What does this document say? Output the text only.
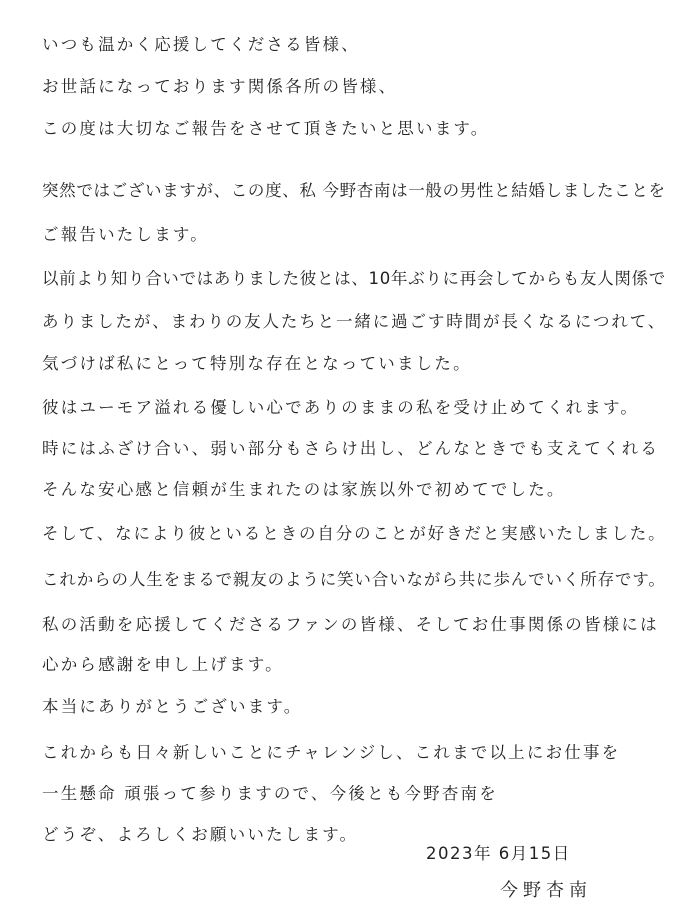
いつも温かく応援してくださる皆様、
お世話になっております関係各所の皆様、
この度は大切なご報告をさせて頂きたいと思います。
突然ではございますが、この度、私 今野杏南は一般の男性と結婚しましたことを
ご報告いたします。
以前より知り合いではありました彼とは、10年ぶりに再会してからも友人関係で
ありましたが、まわりの友人たちと一緒に過ごす時間が長くなるにつれて、
気づけば私にとって特別な存在となっていました。
彼はユーモア溢れる優しい心でありのままの私を受け止めてくれます。
時にはふざけ合い、弱い部分もさらけ出し、どんなときでも支えてくれる
そんな安心感と信頼が生まれたのは家族以外で初めてでした。
そして、なにより彼といるときの自分のことが好きだと実感いたしました。
これからの人生をまるで親友のように笑い合いながら共に歩んでいく所存です。
私の活動を応援してくださるファンの皆様、そしてお仕事関係の皆様には
心から感謝を申し上げます。
本当にありがとうございます。
これからも日々新しいことにチャレンジし、これまで以上にお仕事を
一生懸命 頑張って参りますので、今後とも今野杏南を
どうぞ、よろしくお願いいたします。
2023年 6月15日
今野杏南
